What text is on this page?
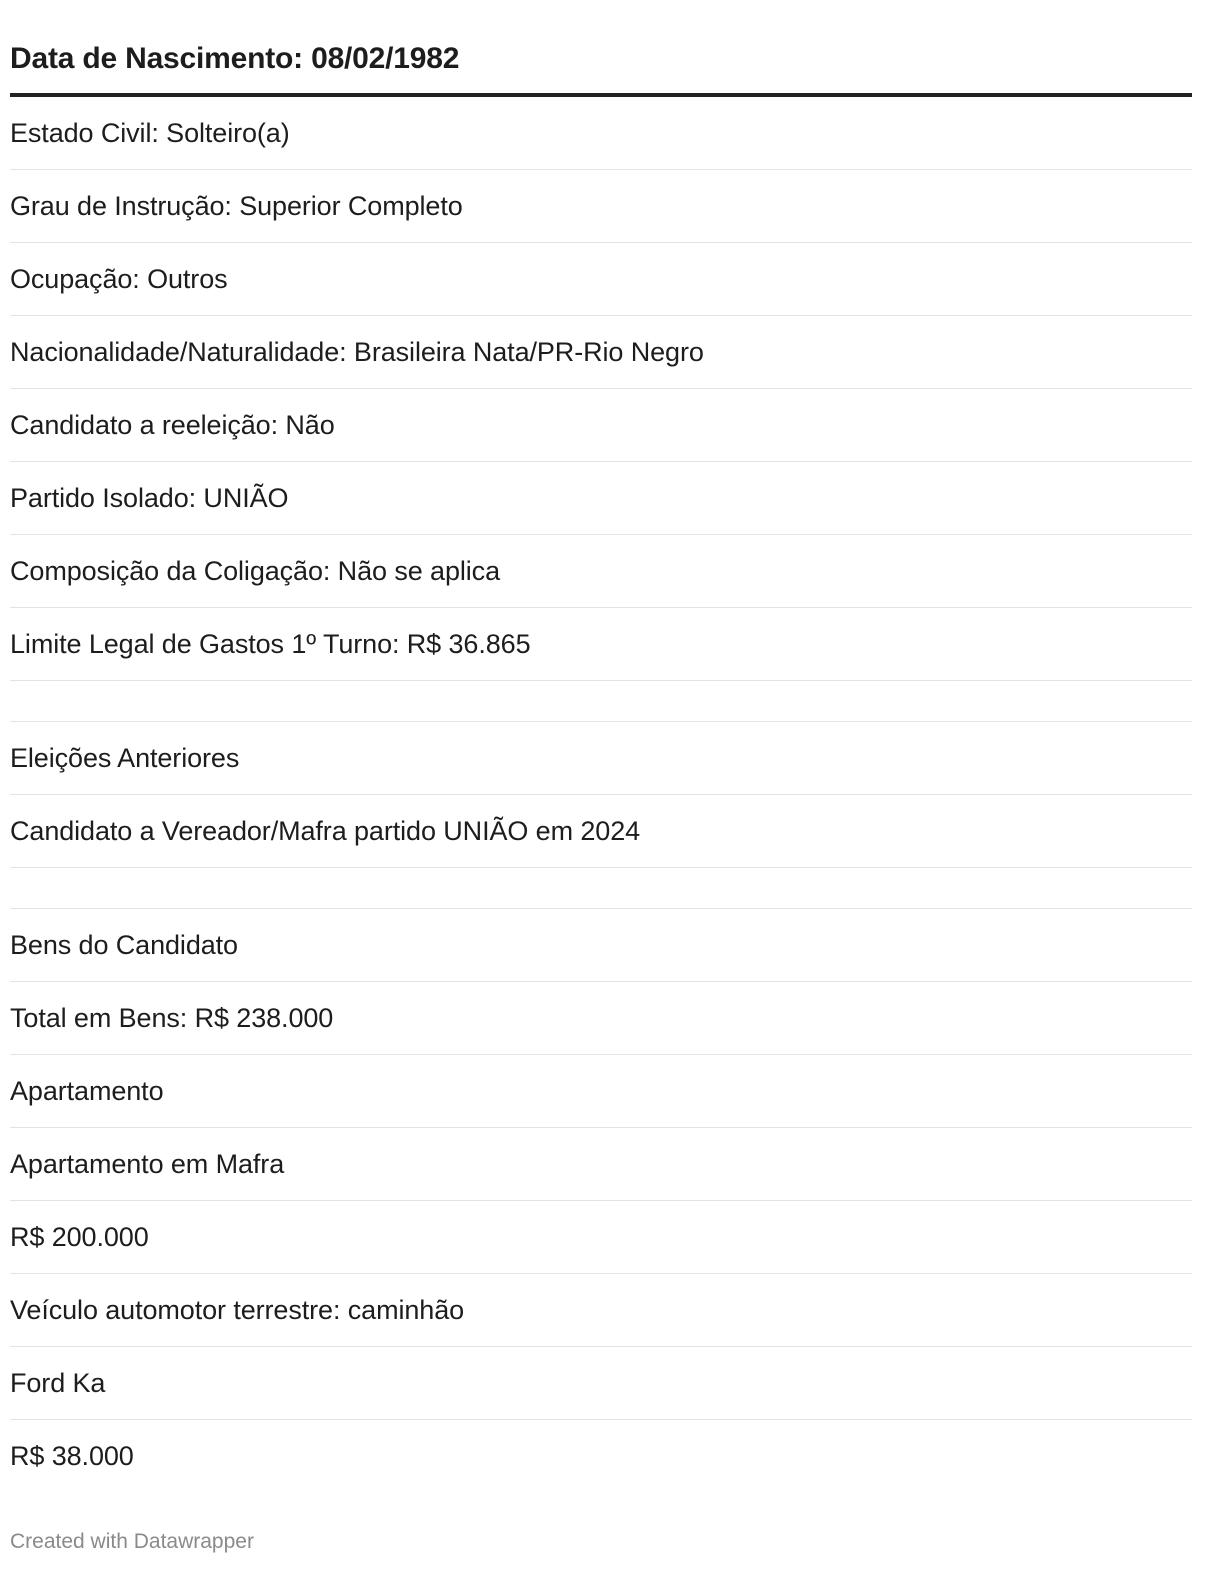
Data de Nascimento: 08/02/1982
Estado Civil: Solteiro(a)
Grau de Instrução: Superior Completo
Ocupação: Outros
Nacionalidade/Naturalidade: Brasileira Nata/PR-Rio Negro
Candidato a reeleição: Não
Partido Isolado: UNIÃO
Composição da Coligação: Não se aplica
Limite Legal de Gastos 1º Turno: R$ 36.865
Eleições Anteriores
Candidato a Vereador/Mafra partido UNIÃO em 2024
Bens do Candidato
Total em Bens: R$ 238.000
Apartamento
Apartamento em Mafra
R$ 200.000
Veículo automotor terrestre: caminhão
Ford Ka
R$ 38.000
Created with Datawrapper
